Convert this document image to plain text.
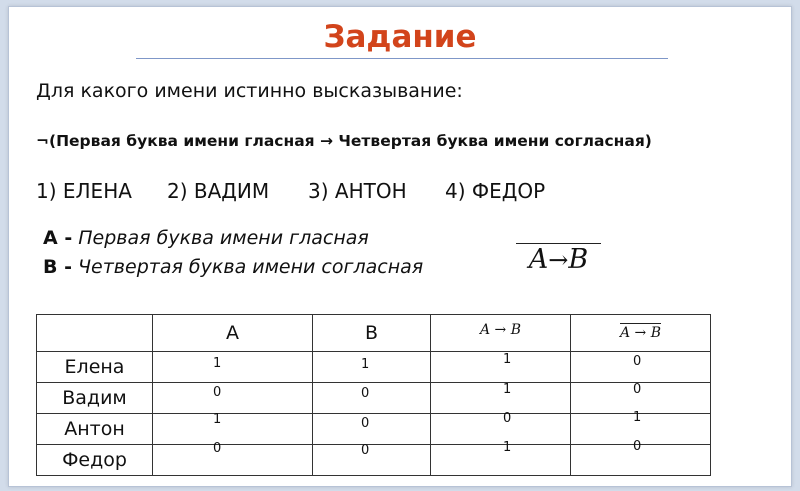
Задание
Для какого имени истинно высказывание:
¬(Первая буква имени гласная → Четвертая буква имени согласная)
1) ЕЛЕНА 2) ВАДИМ 3) АНТОН 4) ФЕДОР
А - Первая буква имени гласная
В - Четвертая буква имени согласная	A→B
	А	В	A → B	A → B
Елена	1	1	1	0

Вадим	0	0	1	0

Антон	1	0	0	1

Федор	0	0	1	0
